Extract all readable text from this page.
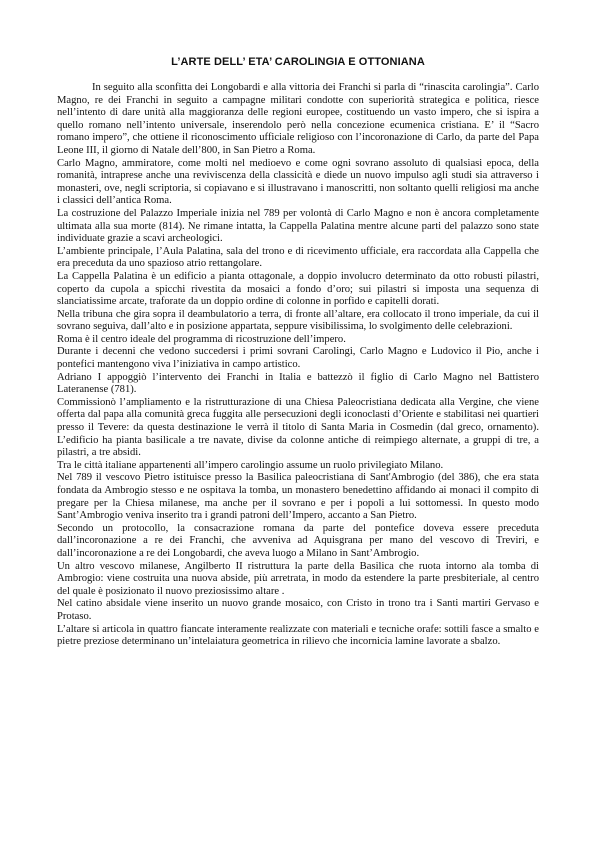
L’ARTE DELL’ ETA’ CAROLINGIA E OTTONIANA

In seguito alla sconfitta dei Longobardi e alla vittoria dei Franchi si parla di “rinascita carolingia”. Carlo Magno, re dei Franchi in seguito a campagne militari condotte con superiorità strategica e politica, riesce nell’intento di dare unità alla maggioranza delle regioni europee, costituendo un vasto impero, che si ispira a quello romano nell’intento universale, inserendolo però nella concezione ecumenica cristiana. E’ il “Sacro romano impero”, che ottiene il riconoscimento ufficiale religioso con l’incoronazione di Carlo, da parte del Papa Leone III, il giorno di Natale dell’800, in San Pietro a Roma.

Carlo Magno, ammiratore, come molti nel medioevo e come ogni sovrano assoluto di qualsiasi epoca, della romanità, intraprese anche una reviviscenza della classicità e diede un nuovo impulso agli studi sia attraverso i monasteri, ove, negli scriptoria, si copiavano e si illustravano i manoscritti, non soltanto quelli religiosi ma anche i classici dell’antica Roma.

La costruzione del Palazzo Imperiale inizia nel 789 per volontà di Carlo Magno e non è ancora completamente ultimata alla sua morte (814). Ne rimane intatta, la Cappella Palatina mentre alcune parti del palazzo sono state individuate grazie a scavi archeologici.

L’ambiente principale, l’Aula Palatina, sala del trono e di ricevimento ufficiale, era raccordata alla Cappella che era preceduta da uno spazioso atrio rettangolare.

La Cappella Palatina è un edificio a pianta ottagonale, a doppio involucro determinato da otto robusti pilastri, coperto da cupola a spicchi rivestita da mosaici a fondo d’oro; sui pilastri si imposta una sequenza di slanciatissime arcate, traforate da un doppio ordine di colonne in porfido e capitelli dorati.

Nella tribuna che gira sopra il deambulatorio a terra, di fronte all’altare, era collocato il trono imperiale, da cui il sovrano seguiva, dall’alto e in posizione appartata, seppure visibilissima, lo svolgimento delle celebrazioni.

Roma è il centro ideale del programma di ricostruzione dell’impero.

Durante i decenni che vedono succedersi i primi sovrani Carolingi, Carlo Magno e Ludovico il Pio, anche i pontefici mantengono viva l’iniziativa in campo artistico.

Adriano I appoggiò l’intervento dei Franchi in Italia e battezzò il figlio di Carlo Magno nel Battistero Lateranense (781).

Commissionò l’ampliamento e la ristrutturazione di una Chiesa Paleocristiana dedicata alla Vergine, che viene offerta dal papa alla comunità greca fuggita alle persecuzioni degli iconoclasti d’Oriente e stabilitasi nei quartieri presso il Tevere: da questa destinazione le verrà il titolo di Santa Maria in Cosmedin (dal greco, ornamento). L’edificio ha pianta basilicale a tre navate, divise da colonne antiche di reimpiego alternate, a gruppi di tre, a pilastri, a tre absidi.

Tra le città italiane appartenenti all’impero carolingio assume un ruolo privilegiato Milano.

Nel 789 il vescovo Pietro istituisce presso la Basilica paleocristiana di Sant'Ambrogio (del 386), che era stata fondata da Ambrogio stesso e ne ospitava la tomba, un monastero benedettino affidando ai monaci il compito di pregare per la Chiesa milanese, ma anche per il sovrano e per i popoli a lui sottomessi. In questo modo Sant’Ambrogio veniva inserito tra i grandi patroni dell’Impero, accanto a San Pietro.

Secondo un protocollo, la consacrazione romana da parte del pontefice doveva essere preceduta dall’incoronazione a re dei Franchi, che avveniva ad Aquisgrana per mano del vescovo di Treviri, e dall’incoronazione a re dei Longobardi, che aveva luogo a Milano in Sant’Ambrogio.

Un altro vescovo milanese, Angilberto II ristruttura la parte della Basilica che ruota intorno ala tomba di Ambrogio: viene costruita una nuova abside, più arretrata, in modo da estendere la parte presbiteriale, al centro del quale è posizionato il nuovo preziosissimo altare .

Nel catino absidale viene inserito un nuovo grande mosaico, con Cristo in trono tra i Santi martiri Gervaso e Protaso.

L’altare si articola in quattro fiancate interamente realizzate con materiali e tecniche orafe: sottili fasce a smalto e pietre preziose determinano un’intelaiatura geometrica in rilievo che incornicia lamine lavorate a sbalzo.
